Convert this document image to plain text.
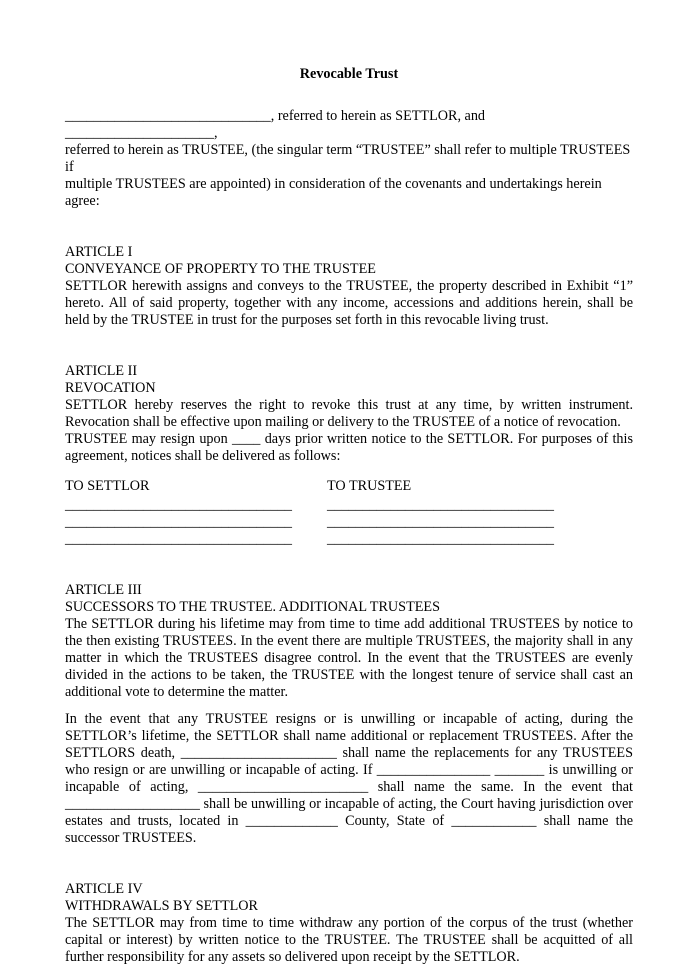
Revocable Trust
_____________________________, referred to herein as SETTLOR, and _____________________,
referred to herein as TRUSTEE, (the singular term “TRUSTEE” shall refer to multiple TRUSTEES if
multiple TRUSTEES are appointed) in consideration of the covenants and undertakings herein agree:
ARTICLE I
CONVEYANCE OF PROPERTY TO THE TRUSTEE
SETTLOR herewith assigns and conveys to the TRUSTEE, the property described in Exhibit “1” hereto. All of said property, together with any income, accessions and additions herein, shall be held by the TRUSTEE in trust for the purposes set forth in this revocable living trust.
ARTICLE II
REVOCATION
SETTLOR hereby reserves the right to revoke this trust at any time, by written instrument. Revocation shall be effective upon mailing or delivery to the TRUSTEE of a notice of revocation.
TRUSTEE may resign upon ____ days prior written notice to the SETTLOR. For purposes of this agreement, notices shall be delivered as follows:
TO SETTLOR
________________________________
________________________________
________________________________
TO TRUSTEE
________________________________
________________________________
________________________________
ARTICLE III
SUCCESSORS TO THE TRUSTEE. ADDITIONAL TRUSTEES
The SETTLOR during his lifetime may from time to time add additional TRUSTEES by notice to the then existing TRUSTEES. In the event there are multiple TRUSTEES, the majority shall in any matter in which the TRUSTEES disagree control. In the event that the TRUSTEES are evenly divided in the actions to be taken, the TRUSTEE with the longest tenure of service shall cast an additional vote to determine the matter.
In the event that any TRUSTEE resigns or is unwilling or incapable of acting, during the SETTLOR’s lifetime, the SETTLOR shall name additional or replacement TRUSTEES. After the SETTLORS death, ______________________ shall name the replacements for any TRUSTEES who resign or are unwilling or incapable of acting. If ________________ _______ is unwilling or incapable of acting, ________________________ shall name the same. In the event that ___________________ shall be unwilling or incapable of acting, the Court having jurisdiction over estates and trusts, located in _____________ County, State of ____________ shall name the successor TRUSTEES.
ARTICLE IV
WITHDRAWALS BY SETTLOR
The SETTLOR may from time to time withdraw any portion of the corpus of the trust (whether capital or interest) by written notice to the TRUSTEE. The TRUSTEE shall be acquitted of all further responsibility for any assets so delivered upon receipt by the SETTLOR.
